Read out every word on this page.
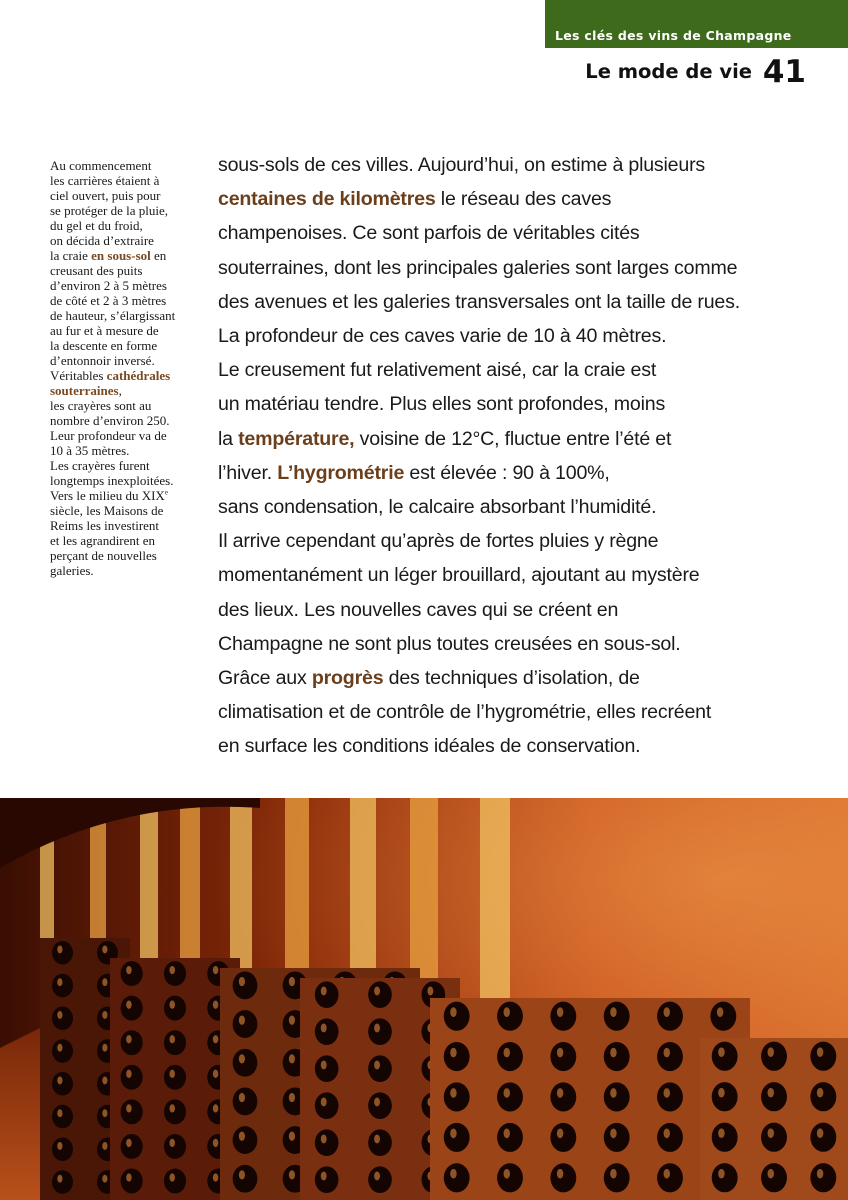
Les clés des vins de Champagne
Le mode de vie 41
Au commencement
les carrières étaient à
ciel ouvert, puis pour
se protéger de la pluie,
du gel et du froid,
on décida d’extraire
la craie en sous-sol en
creusant des puits
d’environ 2 à 5 mètres
de côté et 2 à 3 mètres
de hauteur, s’élargissant
au fur et à mesure de
la descente en forme
d’entonnoir inversé.
Véritables cathédrales
souterraines,
les crayères sont au
nombre d’environ 250.
Leur profondeur va de
10 à 35 mètres.
Les crayères furent
longtemps inexploitées.
Vers le milieu du XIXe
siècle, les Maisons de
Reims les investirent
et les agrandirent en
perçant de nouvelles
galeries.
sous-sols de ces villes. Aujourd’hui, on estime à plusieurs
centaines de kilomètres le réseau des caves
champenoises. Ce sont parfois de véritables cités
souterraines, dont les principales galeries sont larges comme
des avenues et les galeries transversales ont la taille de rues.
La profondeur de ces caves varie de 10 à 40 mètres.
Le creusement fut relativement aisé, car la craie est
un matériau tendre. Plus elles sont profondes, moins
la température, voisine de 12°C, fluctue entre l’été et
l’hiver. L’hygrométrie est élevée : 90 à 100%,
sans condensation, le calcaire absorbant l’humidité.
Il arrive cependant qu’après de fortes pluies y règne
momentanément un léger brouillard, ajoutant au mystère
des lieux. Les nouvelles caves qui se créent en
Champagne ne sont plus toutes creusées en sous-sol.
Grâce aux progrès des techniques d’isolation, de
climatisation et de contrôle de l’hygrométrie, elles recréent
en surface les conditions idéales de conservation.
